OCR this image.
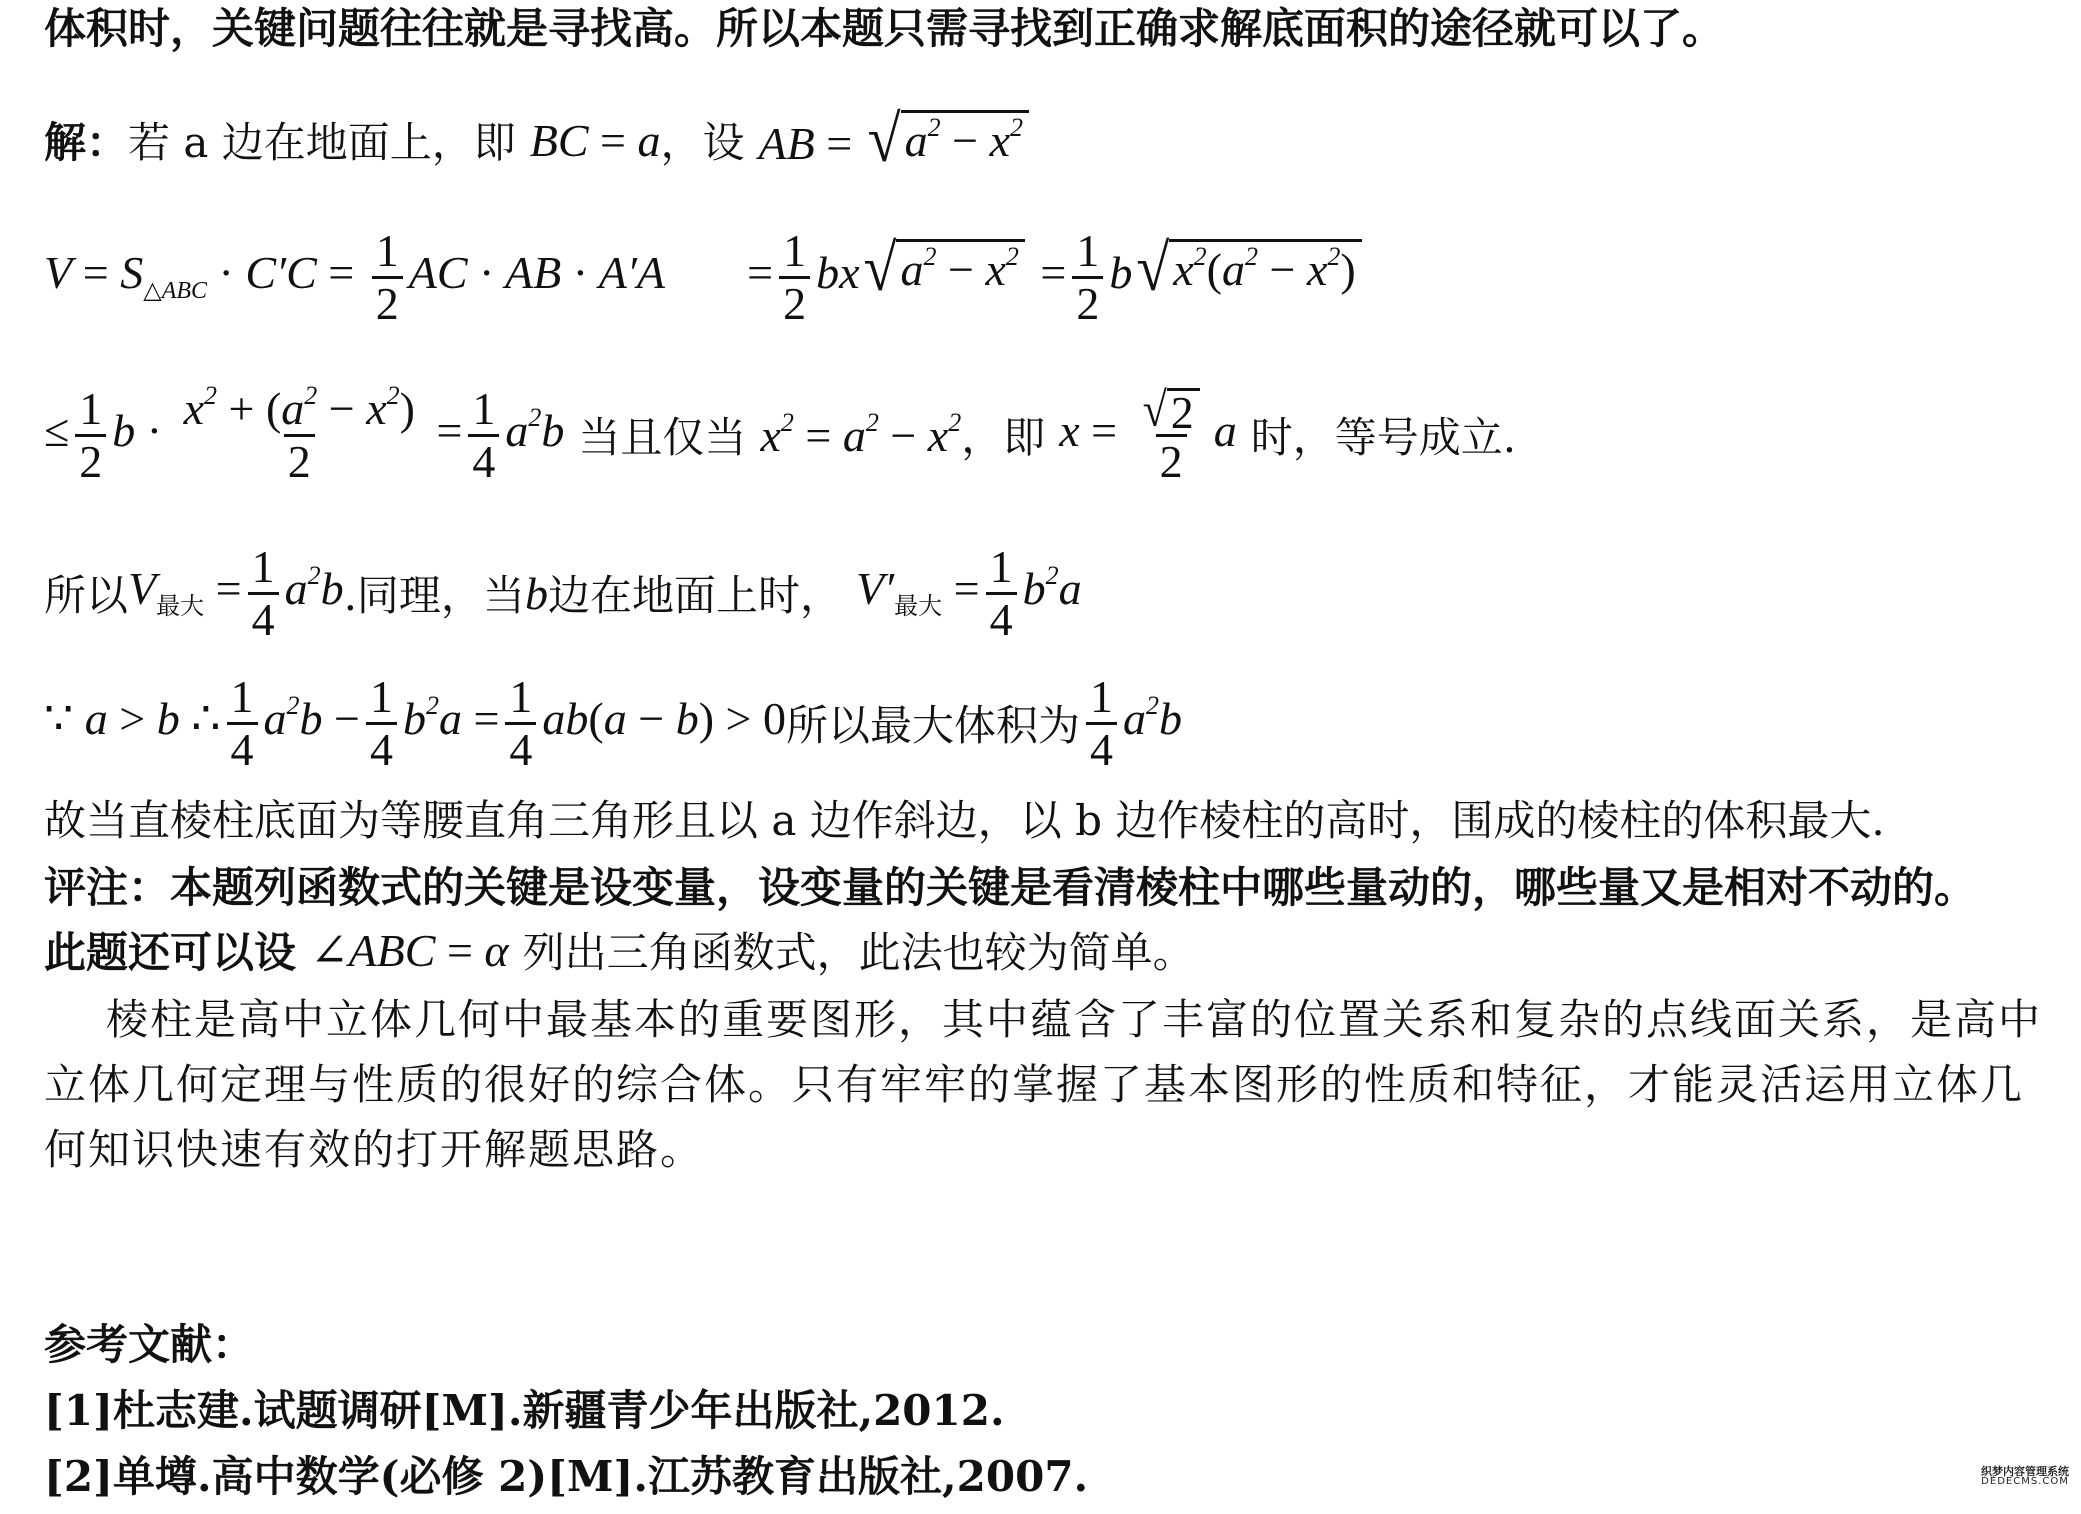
体积时，关键问题往往就是寻找高。所以本题只需寻找到正确求解底面积的途径就可以了。
解： 若 a 边在地面上，即 BC = a ，设 AB = √ $a^2 - x^2$
$V = S_{\triangle ABC} \cdot C'C = \frac{1}{2}$ AC · AB · $A'A = \frac{1}{2}$ bx √ $a^2 - x^2 = \frac{1}{2}$ b √ $x^2(a^2 - x^2)$
≤ $\frac{1}{2}$ $b \cdot \frac{x^2 + (a^2 - x^2)}{2} = \frac{1}{4} a^2b$ 当且仅当 $x^2 = a^2 - x^2$ ，即 $x = \frac{√ 2}{2}$ a 时，等号成立.
所以 $V_{最大} = \frac{1}{4} a^2b$ .同理，当 b 边在地面上时， $V'_{最大} = \frac{1}{4} b^2a$
∵ a > b ∴ $\frac{1}{4} a^2b - \frac{1}{4} b^2a = \frac{1}{4} ab(a - b) > 0$ 所以最大体积为 $\frac{1}{4} a^2b$
故当直棱柱底面为等腰直角三角形且以 a 边作斜边，以 b 边作棱柱的高时，围成的棱柱的体积最大.
评注：本题列函数式的关键是设变量，设变量的关键是看清棱柱中哪些量动的，哪些量又是相对不动的。
此题还可以设 ∠ABC = α 列出三角函数式，此法也较为简单。
棱柱是高中立体几何中最基本的重要图形，其中蕴含了丰富的位置关系和复杂的点线面关系，是高中立体几何定理与性质的很好的综合体。只有牢牢的掌握了基本图形的性质和特征，才能灵活运用立体几何知识快速有效的打开解题思路。
参考文献：
[1]杜志建.试题调研[M].新疆青少年出版社,2012.
[2]单墫.高中数学(必修 2)[M].江苏教育出版社,2007.	织梦内容管理系统
DEDECMS.COM
